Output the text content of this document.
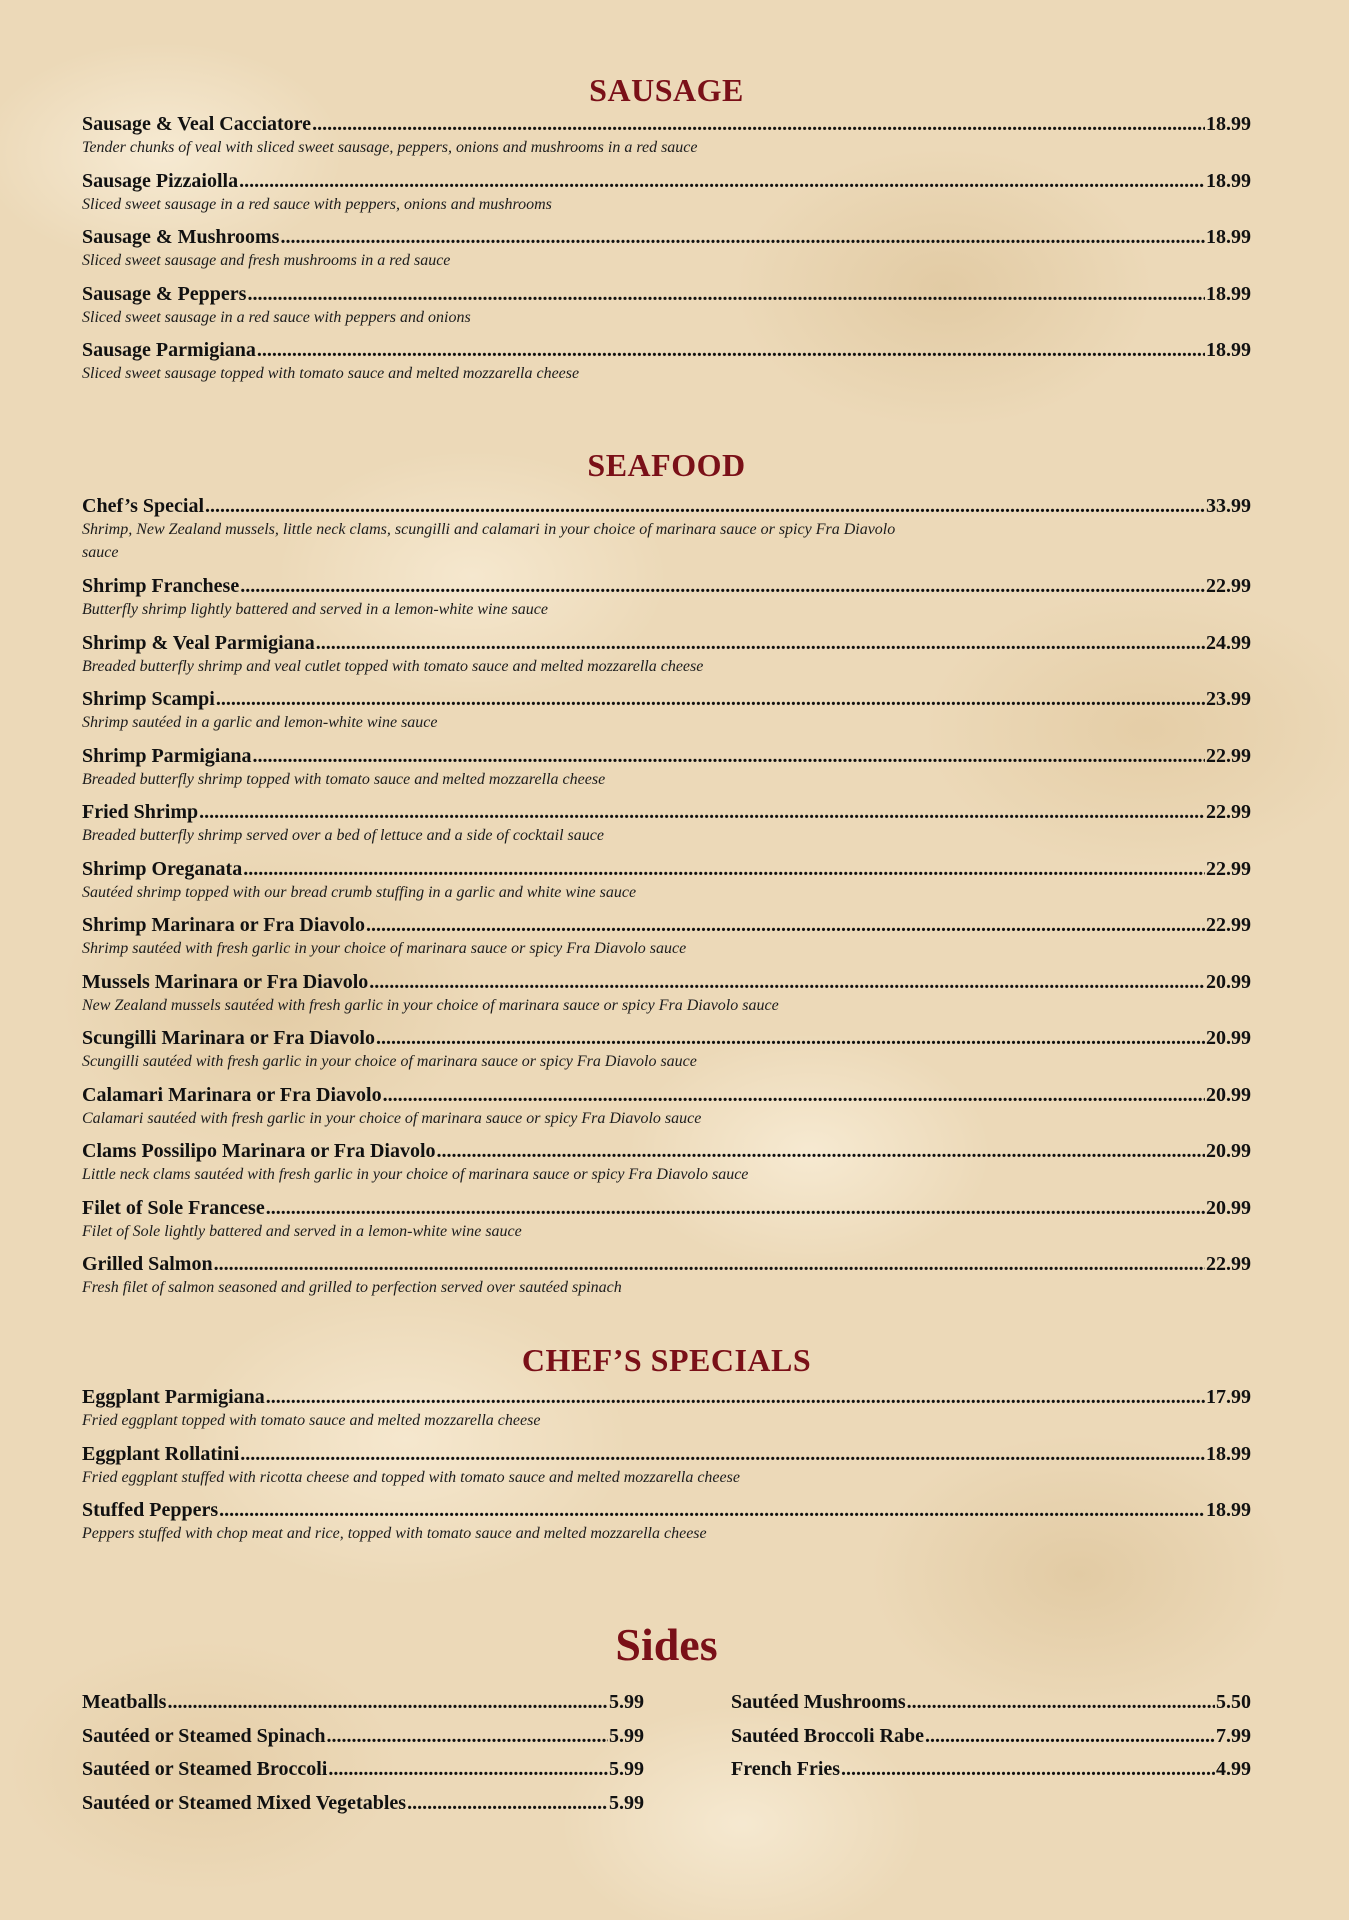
SAUSAGE
Sausage & Veal Cacciatore .....	18.99
Tender chunks of veal with sliced sweet sausage, peppers, onions and mushrooms in a red sauce
Sausage Pizzaiolla .....	18.99
Sliced sweet sausage in a red sauce with peppers, onions and mushrooms
Sausage & Mushrooms .....	18.99
Sliced sweet sausage and fresh mushrooms in a red sauce
Sausage & Peppers .....	18.99
Sliced sweet sausage in a red sauce with peppers and onions
Sausage Parmigiana .....	18.99
Sliced sweet sausage topped with tomato sauce and melted mozzarella cheese
SEAFOOD
Chef’s Special .....	33.99
Shrimp, New Zealand mussels, little neck clams, scungilli and calamari in your choice of marinara sauce or spicy Fra Diavolo sauce
Shrimp Franchese .....	22.99
Butterfly shrimp lightly battered and served in a lemon-white wine sauce
Shrimp & Veal Parmigiana .....	24.99
Breaded butterfly shrimp and veal cutlet topped with tomato sauce and melted mozzarella cheese
Shrimp Scampi .....	23.99
Shrimp sautéed in a garlic and lemon-white wine sauce
Shrimp Parmigiana .....	22.99
Breaded butterfly shrimp topped with tomato sauce and melted mozzarella cheese
Fried Shrimp .....	22.99
Breaded butterfly shrimp served over a bed of lettuce and a side of cocktail sauce
Shrimp Oreganata .....	22.99
Sautéed shrimp topped with our bread crumb stuffing in a garlic and white wine sauce
Shrimp Marinara or Fra Diavolo .....	22.99
Shrimp sautéed with fresh garlic in your choice of marinara sauce or spicy Fra Diavolo sauce
Mussels Marinara or Fra Diavolo .....	20.99
New Zealand mussels sautéed with fresh garlic in your choice of marinara sauce or spicy Fra Diavolo sauce
Scungilli Marinara or Fra Diavolo .....	20.99
Scungilli sautéed with fresh garlic in your choice of marinara sauce or spicy Fra Diavolo sauce
Calamari Marinara or Fra Diavolo .....	20.99
Calamari sautéed with fresh garlic in your choice of marinara sauce or spicy Fra Diavolo sauce
Clams Possilipo Marinara or Fra Diavolo .....	20.99
Little neck clams sautéed with fresh garlic in your choice of marinara sauce or spicy Fra Diavolo sauce
Filet of Sole Francese .....	20.99
Filet of Sole lightly battered and served in a lemon-white wine sauce
Grilled Salmon .....	22.99
Fresh filet of salmon seasoned and grilled to perfection served over sautéed spinach
CHEF’S SPECIALS
Eggplant Parmigiana .....	17.99
Fried eggplant topped with tomato sauce and melted mozzarella cheese
Eggplant Rollatini .....	18.99
Fried eggplant stuffed with ricotta cheese and topped with tomato sauce and melted mozzarella cheese
Stuffed Peppers .....	18.99
Peppers stuffed with chop meat and rice, topped with tomato sauce and melted mozzarella cheese
Sides
Meatballs .....	5.99
Sautéed or Steamed Spinach .....	5.99
Sautéed or Steamed Broccoli .....	5.99
Sautéed or Steamed Mixed Vegetables .....	5.99
Sautéed Mushrooms .....	5.50
Sautéed Broccoli Rabe .....	7.99
French Fries .....	4.99
